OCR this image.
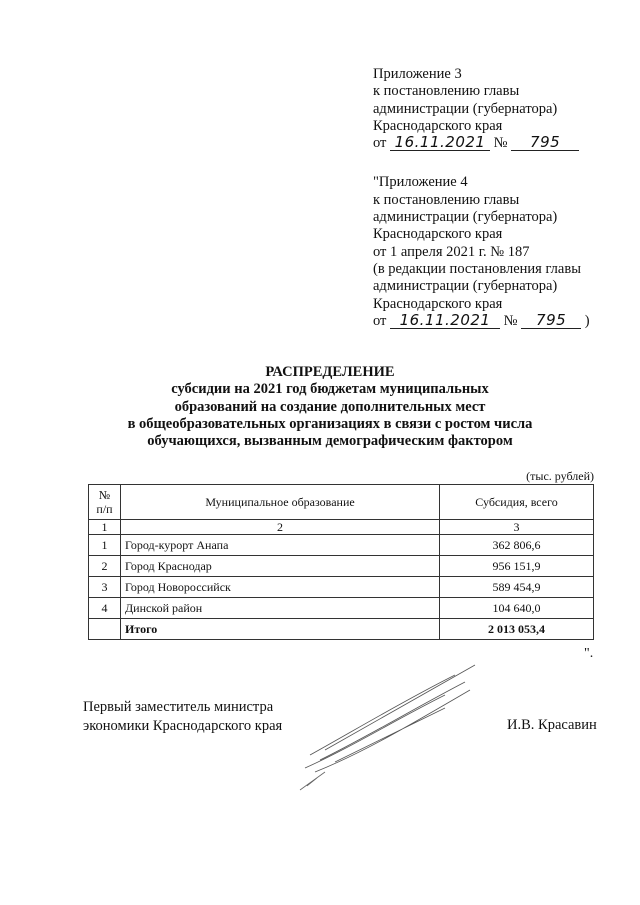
Приложение 3
к постановлению главы
администрации (губернатора)
Краснодарского края
от 16.11.2021 № 795
"Приложение 4
к постановлению главы
администрации (губернатора)
Краснодарского края
от 1 апреля 2021 г. № 187
(в редакции постановления главы
администрации (губернатора)
Краснодарского края
от 16.11.2021 № 795 )
РАСПРЕДЕЛЕНИЕ
субсидии на 2021 год бюджетам муниципальных
образований на создание дополнительных мест
в общеобразовательных организациях в связи с ростом числа
обучающихся, вызванным демографическим фактором
(тыс. рублей)
№ п/п	Муниципальное образование	Субсидия, всего
1	2	3
1	Город-курорт Анапа	362 806,6
2	Город Краснодар	956 151,9
3	Город Новороссийск	589 454,9
4	Динской район	104 640,0
	Итого	2 013 053,4
".
Первый заместитель министра
экономики Краснодарского края	И.В. Красавин
